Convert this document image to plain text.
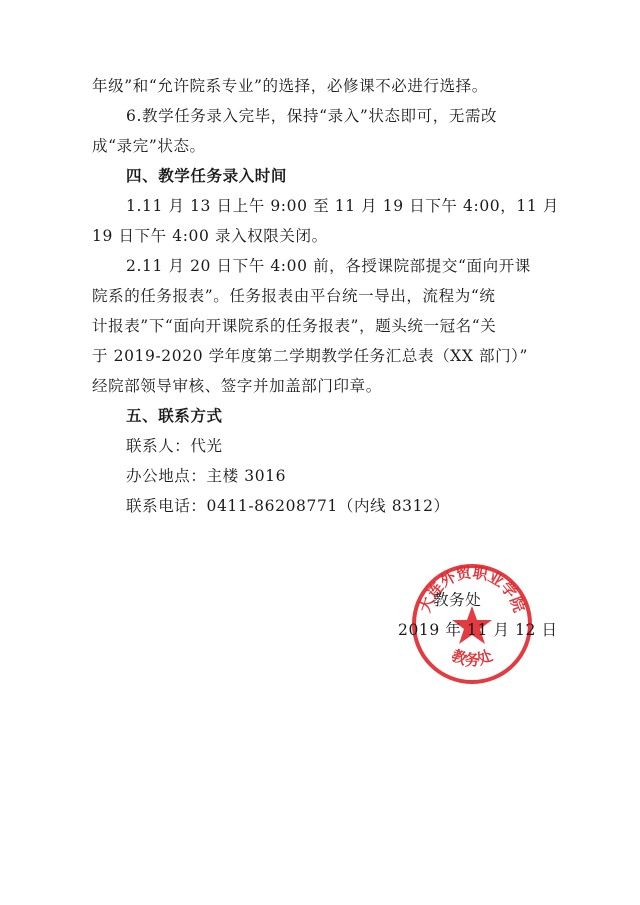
年级”和“允许院系专业”的选择，必修课不必进行选择。
6.教学任务录入完毕，保持“录入”状态即可，无需改
成“录完”状态。
四、教学任务录入时间
1.11 月 13 日上午 9:00 至 11 月 19 日下午 4:00，11 月
19 日下午 4:00 录入权限关闭。
2.11 月 20 日下午 4:00 前，各授课院部提交“面向开课
院系的任务报表”。任务报表由平台统一导出，流程为“统
计报表”下“面向开课院系的任务报表”，题头统一冠名“关
于 2019-2020 学年度第二学期教学任务汇总表（XX 部门）”
经院部领导审核、签字并加盖部门印章。
五、联系方式
联系人：代光
办公地点：主楼 3016
联系电话：0411-86208771（内线 8312）
大连外贸职业学院
教务处
教务处
2019 年 11 月 12 日
